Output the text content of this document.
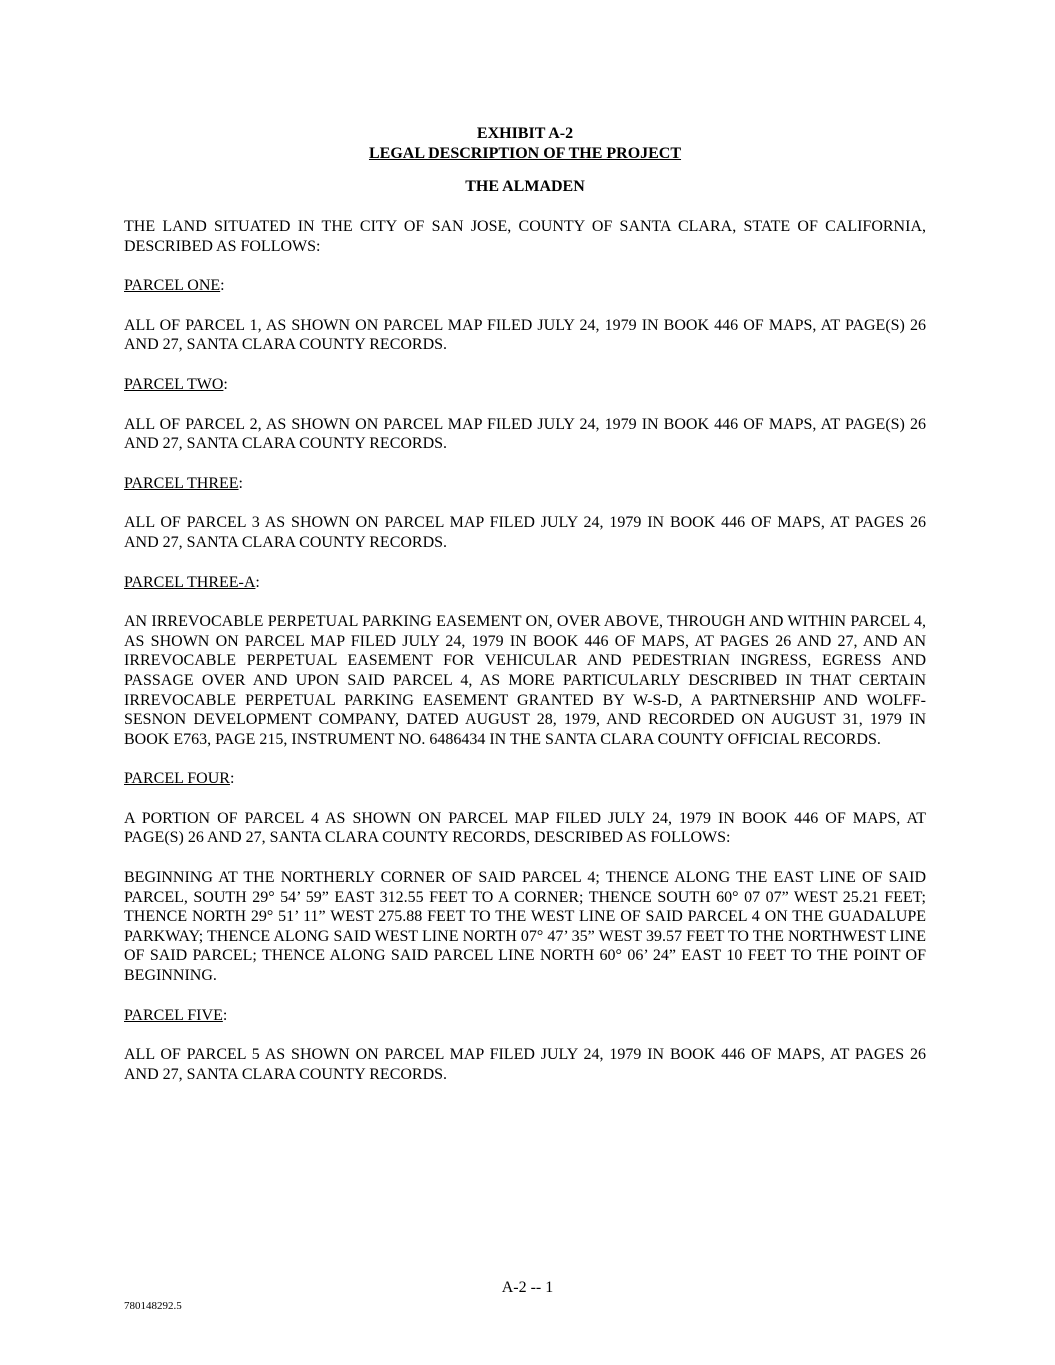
EXHIBIT A-2
LEGAL DESCRIPTION OF THE PROJECT
THE ALMADEN

THE LAND SITUATED IN THE CITY OF SAN JOSE, COUNTY OF SANTA CLARA, STATE OF CALIFORNIA, DESCRIBED AS FOLLOWS:

PARCEL ONE:

ALL OF PARCEL 1, AS SHOWN ON PARCEL MAP FILED JULY 24, 1979 IN BOOK 446 OF MAPS, AT PAGE(S) 26 AND 27, SANTA CLARA COUNTY RECORDS.

PARCEL TWO:

ALL OF PARCEL 2, AS SHOWN ON PARCEL MAP FILED JULY 24, 1979 IN BOOK 446 OF MAPS, AT PAGE(S) 26 AND 27, SANTA CLARA COUNTY RECORDS.

PARCEL THREE:

ALL OF PARCEL 3 AS SHOWN ON PARCEL MAP FILED JULY 24, 1979 IN BOOK 446 OF MAPS, AT PAGES 26 AND 27, SANTA CLARA COUNTY RECORDS.

PARCEL THREE-A:

AN IRREVOCABLE PERPETUAL PARKING EASEMENT ON, OVER ABOVE, THROUGH AND WITHIN PARCEL 4, AS SHOWN ON PARCEL MAP FILED JULY 24, 1979 IN BOOK 446 OF MAPS, AT PAGES 26 AND 27, AND AN IRREVOCABLE PERPETUAL EASEMENT FOR VEHICULAR AND PEDESTRIAN INGRESS, EGRESS AND PASSAGE OVER AND UPON SAID PARCEL 4, AS MORE PARTICULARLY DESCRIBED IN THAT CERTAIN IRREVOCABLE PERPETUAL PARKING EASEMENT GRANTED BY W-S-D, A PARTNERSHIP AND WOLFF-SESNON DEVELOPMENT COMPANY, DATED AUGUST 28, 1979, AND RECORDED ON AUGUST 31, 1979 IN BOOK E763, PAGE 215, INSTRUMENT NO. 6486434 IN THE SANTA CLARA COUNTY OFFICIAL RECORDS.

PARCEL FOUR:

A PORTION OF PARCEL 4 AS SHOWN ON PARCEL MAP FILED JULY 24, 1979 IN BOOK 446 OF MAPS, AT PAGE(S) 26 AND 27, SANTA CLARA COUNTY RECORDS, DESCRIBED AS FOLLOWS:

BEGINNING AT THE NORTHERLY CORNER OF SAID PARCEL 4; THENCE ALONG THE EAST LINE OF SAID PARCEL, SOUTH 29° 54’ 59” EAST 312.55 FEET TO A CORNER; THENCE SOUTH 60° 07 07” WEST 25.21 FEET; THENCE NORTH 29° 51’ 11” WEST 275.88 FEET TO THE WEST LINE OF SAID PARCEL 4 ON THE GUADALUPE PARKWAY; THENCE ALONG SAID WEST LINE NORTH 07° 47’ 35” WEST 39.57 FEET TO THE NORTHWEST LINE OF SAID PARCEL; THENCE ALONG SAID PARCEL LINE NORTH 60° 06’ 24” EAST 10 FEET TO THE POINT OF BEGINNING.

PARCEL FIVE:

ALL OF PARCEL 5 AS SHOWN ON PARCEL MAP FILED JULY 24, 1979 IN BOOK 446 OF MAPS, AT PAGES 26 AND 27, SANTA CLARA COUNTY RECORDS.

A-2 -- 1
780148292.5
